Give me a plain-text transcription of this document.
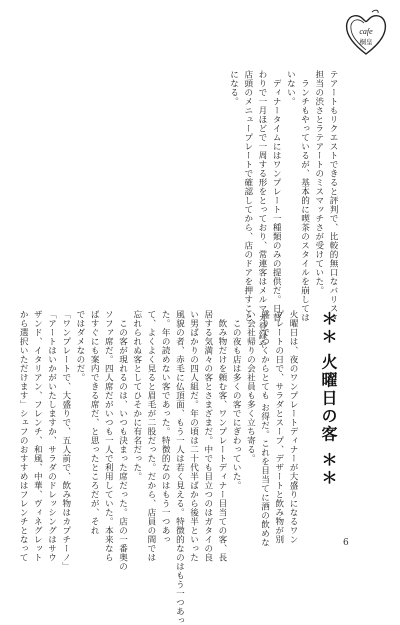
cafe
桐皇
テアートもリクエストできると評判で、比較的無口なバリスタ
担当の渋さとラテアートのミスマッチさが受けていた。
　ランチもやっているが、基本的に喫茶のスタイルを崩しては
いない。
　ディナータイムにはワンプレート一種類のみの提供だ。日替
わりで一月ほどで一周する形をとっており、常連客はメルマガ登録や
店頭のメニュープレートで確認してから、店のドアを押すこと
になる。
＊＊ 火曜日の客 ＊＊
火曜日は、夜のワンプレートディナーが大盛りになるワン
プレートの日で、サラダとスープ、デザートと飲み物が別
盛りでつくからとても お得だ。これを目当てに酒の飲めな
い会社帰りの会社員も多く立ち寄る。
　この夜も店は多くの客でにぎわっていた。
　飲み物だけを頼む客、ワンプレートディナー目当ての客、長
居する気満々の客とさまざまだ。中でも目立つのはガタイの良
い男ばかりの四人組だ。年の頃は二十代半ばから後半といった
風貌の者、赤毛に仏頂面、もう一人は若く見える。特徴的なのはもう一つあっ
た。年の読めない客であった。特徴的なのはもう一つあっ
て、よくよく見ると眉毛が二股だった。だから、店員の間では
忘れられぬ客としてひそかに有名だった。
　この客が現れるのは、いつも決まった席だった。店の一番奥の
ソファ席だ。四人席だがいつも一人で利用していた。本来なら
ばすぐにも案内できる席だ、と思ったところだが、それ
ではダメなのだ。
「ワンプレートで、大盛りで、五人前で、飲み物はカプチーノ」
「アートはいかがいたしますか、サラダのドレッシングはサウ
ザンド、イタリアン、フレンチ、和風、中華、ヴィネグレット
から選択いただけます」シェフのおすすめはフレンチとなって	6
